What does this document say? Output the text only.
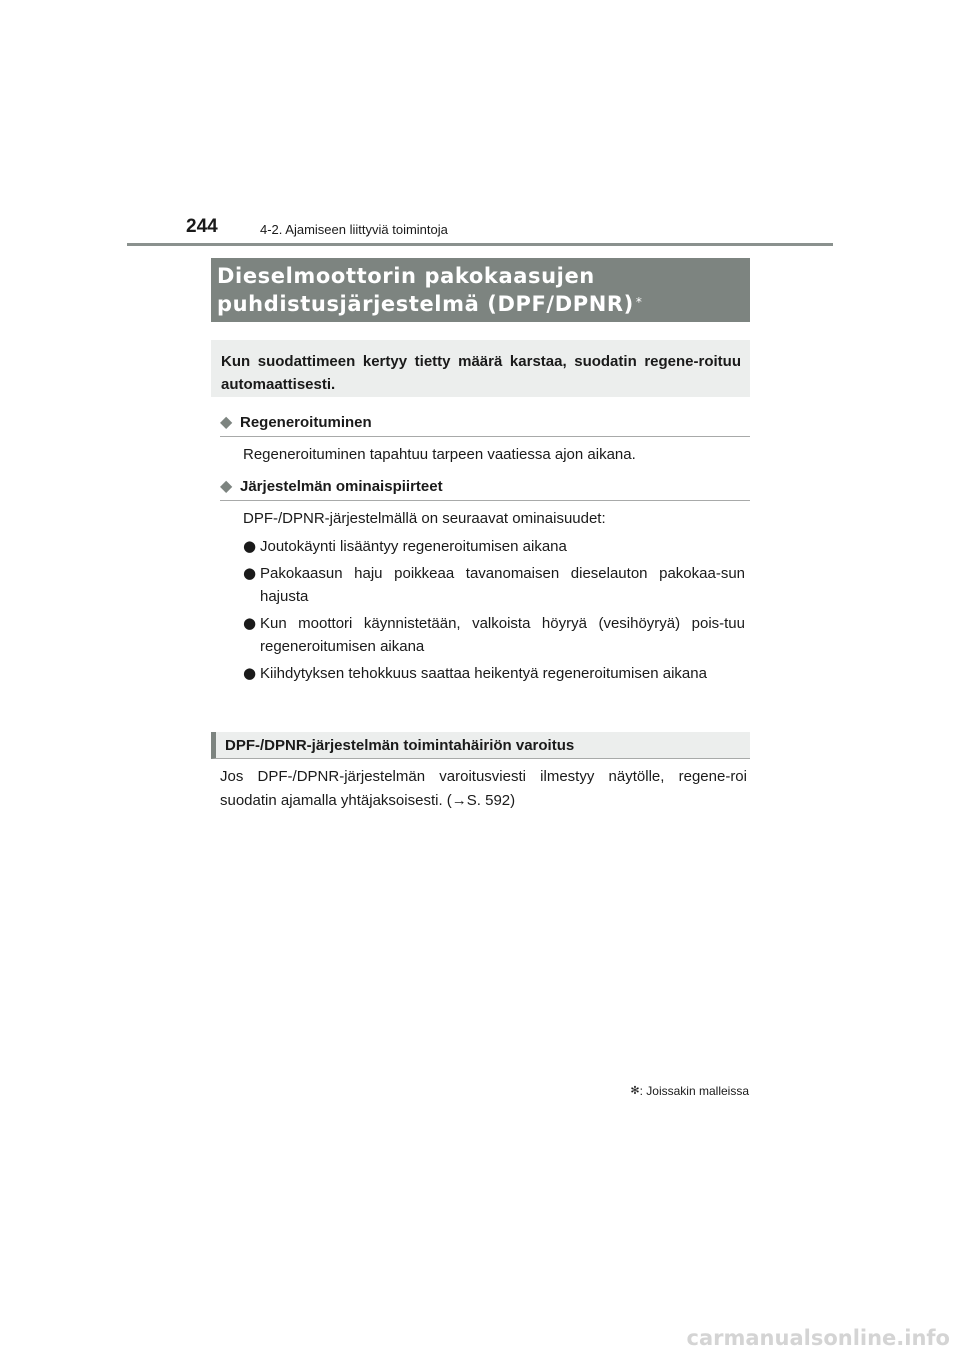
244	4-2. Ajamiseen liittyviä toimintoja
Dieselmoottorin pakokaasujen
puhdistusjärjestelmä (DPF/DPNR) *
Kun suodattimeen kertyy tietty määrä karstaa, suodatin regene-roituu automaattisesti.
◆ Regeneroituminen
Regeneroituminen tapahtuu tarpeen vaatiessa ajon aikana.
◆ Järjestelmän ominaispiirteet
DPF-/DPNR-järjestelmällä on seuraavat ominaisuudet:
● Joutokäynti lisääntyy regeneroitumisen aikana
● Pakokaasun haju poikkeaa tavanomaisen dieselauton pakokaa-sun hajusta
● Kun moottori käynnistetään, valkoista höyryä (vesihöyryä) pois-tuu regeneroitumisen aikana
● Kiihdytyksen tehokkuus saattaa heikentyä regeneroitumisen aikana
DPF-/DPNR-järjestelmän toimintahäiriön varoitus
Jos DPF-/DPNR-järjestelmän varoitusviesti ilmestyy näytölle, regene-roi suodatin ajamalla yhtäjaksoisesti. (→S. 592)
✻: Joissakin malleissa
carmanualsonline.info
